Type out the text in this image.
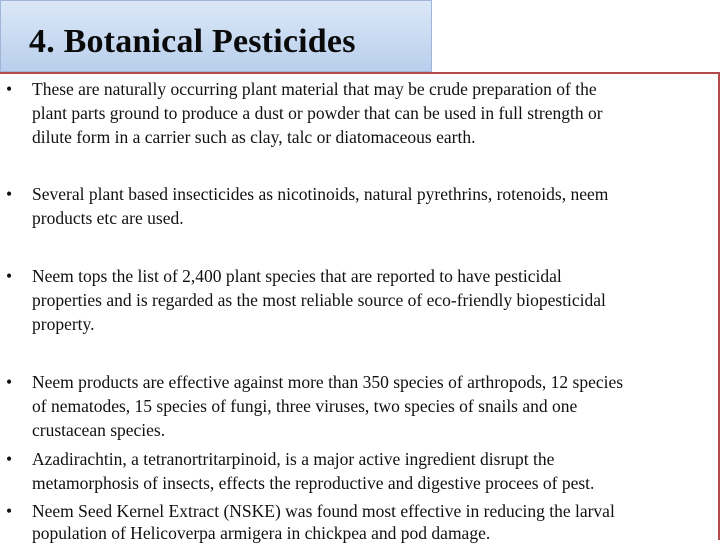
4. Botanical Pesticides
• These are naturally occurring plant material that may be crude preparation of the
plant parts ground to produce a dust or powder that can be used in full strength or
dilute form in a carrier such as clay, talc or diatomaceous earth.
• Several plant based insecticides as nicotinoids, natural pyrethrins, rotenoids, neem
products etc are used.
• Neem tops the list of 2,400 plant species that are reported to have pesticidal
properties and is regarded as the most reliable source of eco-friendly biopesticidal
property.
• Neem products are effective against more than 350 species of arthropods, 12 species
of nematodes, 15 species of fungi, three viruses, two species of snails and one
crustacean species.
• Azadirachtin, a tetranortritarpinoid, is a major active ingredient disrupt the
metamorphosis of insects, effects the reproductive and digestive procees of pest.
• Neem Seed Kernel Extract (NSKE) was found most effective in reducing the larval
population of Helicoverpa armigera in chickpea and pod damage.
